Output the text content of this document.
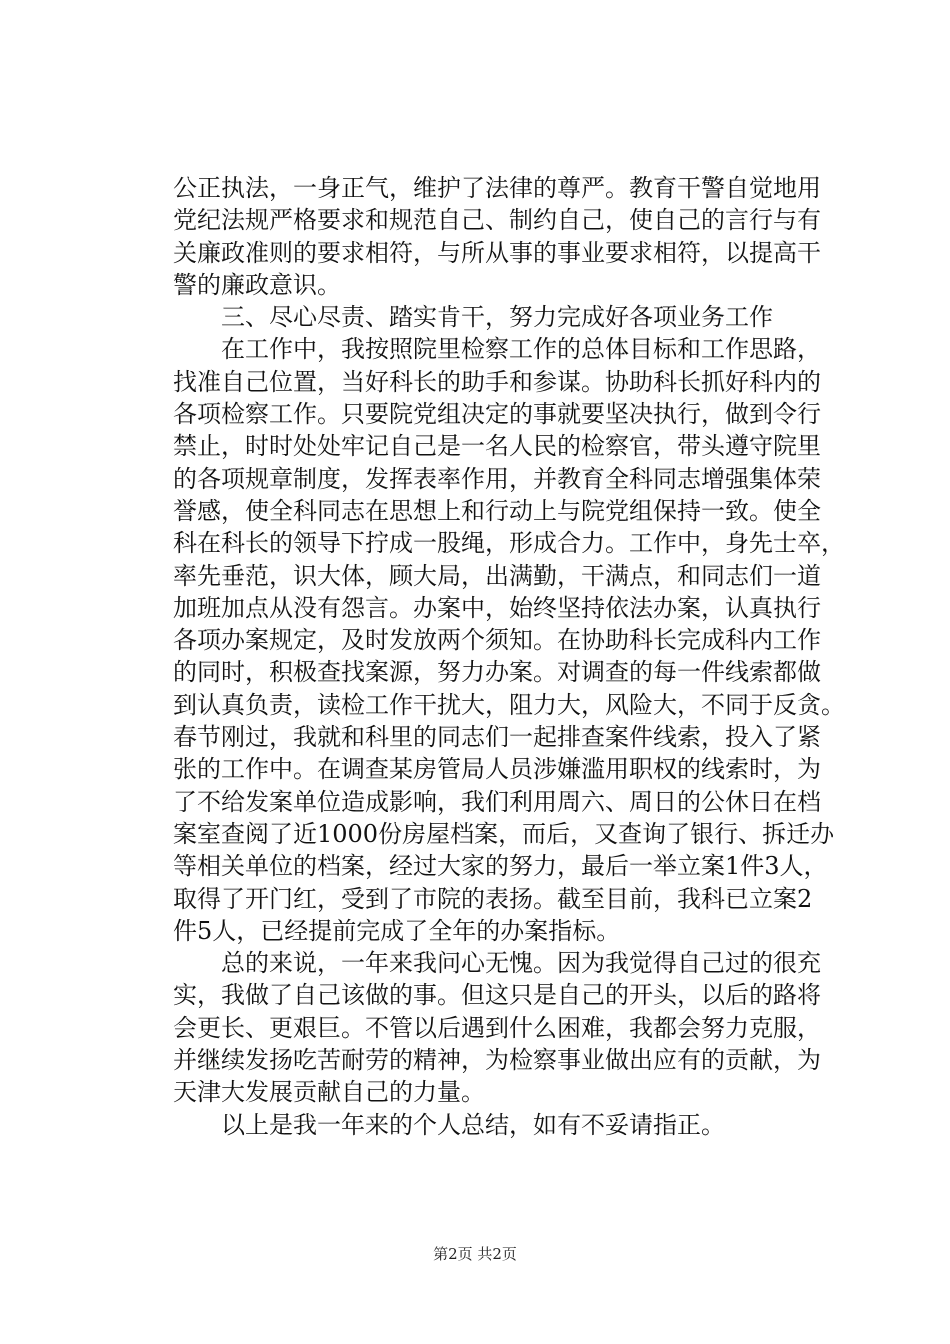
公正执法，一身正气，维护了法律的尊严。教育干警自觉地用
党纪法规严格要求和规范自己、制约自己，使自己的言行与有
关廉政准则的要求相符，与所从事的事业要求相符，以提高干
警的廉政意识。
三、尽心尽责、踏实肯干，努力完成好各项业务工作
在工作中，我按照院里检察工作的总体目标和工作思路，
找准自己位置，当好科长的助手和参谋。协助科长抓好科内的
各项检察工作。只要院党组决定的事就要坚决执行，做到令行
禁止，时时处处牢记自己是一名人民的检察官，带头遵守院里
的各项规章制度，发挥表率作用，并教育全科同志增强集体荣
誉感，使全科同志在思想上和行动上与院党组保持一致。使全
科在科长的领导下拧成一股绳，形成合力。工作中，身先士卒，
率先垂范，识大体，顾大局，出满勤，干满点，和同志们一道
加班加点从没有怨言。办案中，始终坚持依法办案，认真执行
各项办案规定，及时发放两个须知。在协助科长完成科内工作
的同时，积极查找案源，努力办案。对调查的每一件线索都做
到认真负责，读检工作干扰大，阻力大，风险大，不同于反贪。
春节刚过，我就和科里的同志们一起排查案件线索，投入了紧
张的工作中。在调查某房管局人员涉嫌滥用职权的线索时，为
了不给发案单位造成影响，我们利用周六、周日的公休日在档
案室查阅了近1000份房屋档案，而后，又查询了银行、拆迁办
等相关单位的档案，经过大家的努力，最后一举立案1件3人，
取得了开门红，受到了市院的表扬。截至目前，我科已立案2
件5人，已经提前完成了全年的办案指标。
总的来说，一年来我问心无愧。因为我觉得自己过的很充
实，我做了自己该做的事。但这只是自己的开头，以后的路将
会更长、更艰巨。不管以后遇到什么困难，我都会努力克服，
并继续发扬吃苦耐劳的精神，为检察事业做出应有的贡献，为
天津大发展贡献自己的力量。
以上是我一年来的个人总结，如有不妥请指正。
第2页 共2页
